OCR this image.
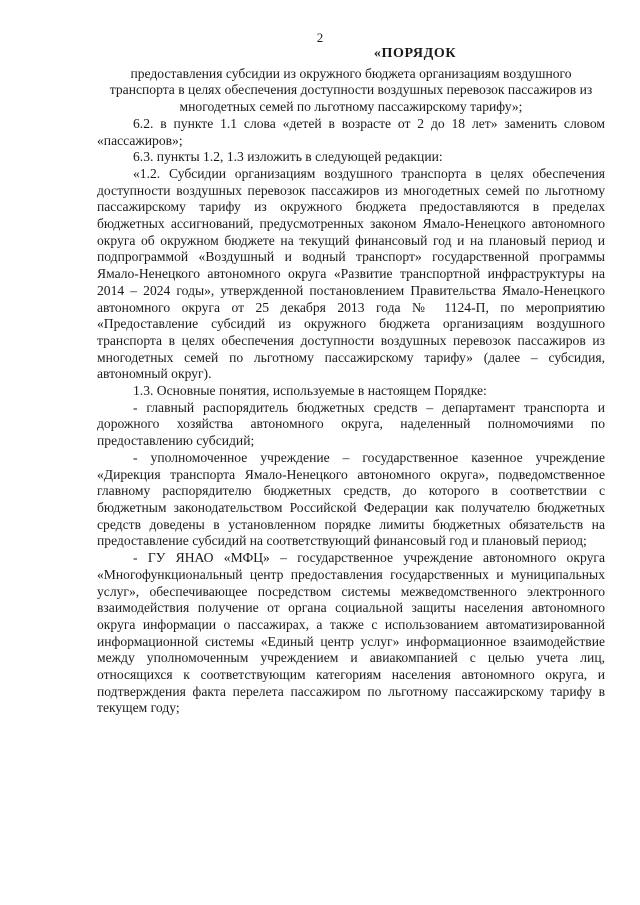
2

«ПОРЯДОК

предоставления субсидии из окружного бюджета организациям воздушного транспорта в целях обеспечения доступности воздушных перевозок пассажиров из многодетных семей по льготному пассажирскому тарифу»;

6.2. в пункте 1.1 слова «детей в возрасте от 2 до 18 лет» заменить словом «пассажиров»;

6.3. пункты 1.2, 1.3 изложить в следующей редакции:

«1.2. Субсидии организациям воздушного транспорта в целях обеспечения доступности воздушных перевозок пассажиров из многодетных семей по льготному пассажирскому тарифу из окружного бюджета предоставляются в пределах бюджетных ассигнований, предусмотренных законом Ямало-Ненецкого автономного округа об окружном бюджете на текущий финансовый год и на плановый период и подпрограммой «Воздушный и водный транспорт» государственной программы Ямало-Ненецкого автономного округа «Развитие транспортной инфраструктуры на 2014 – 2024 годы», утвержденной постановлением Правительства Ямало-Ненецкого автономного округа от 25 декабря 2013 года № 1124-П, по мероприятию «Предоставление субсидий из окружного бюджета организациям воздушного транспорта в целях обеспечения доступности воздушных перевозок пассажиров из многодетных семей по льготному пассажирскому тарифу» (далее – субсидия, автономный округ).

1.3. Основные понятия, используемые в настоящем Порядке:

- главный распорядитель бюджетных средств – департамент транспорта и дорожного хозяйства автономного округа, наделенный полномочиями по предоставлению субсидий;

- уполномоченное учреждение – государственное казенное учреждение «Дирекция транспорта Ямало-Ненецкого автономного округа», подведомственное главному распорядителю бюджетных средств, до которого в соответствии с бюджетным законодательством Российской Федерации как получателю бюджетных средств доведены в установленном порядке лимиты бюджетных обязательств на предоставление субсидий на соответствующий финансовый год и плановый период;

- ГУ ЯНАО «МФЦ» – государственное учреждение автономного округа «Многофункциональный центр предоставления государственных и муниципальных услуг», обеспечивающее посредством системы межведомственного электронного взаимодействия получение от органа социальной защиты населения автономного округа информации о пассажирах, а также с использованием автоматизированной информационной системы «Единый центр услуг» информационное взаимодействие между уполномоченным учреждением и авиакомпанией с целью учета лиц, относящихся к соответствующим категориям населения автономного округа, и подтверждения факта перелета пассажиром по льготному пассажирскому тарифу в текущем году;
